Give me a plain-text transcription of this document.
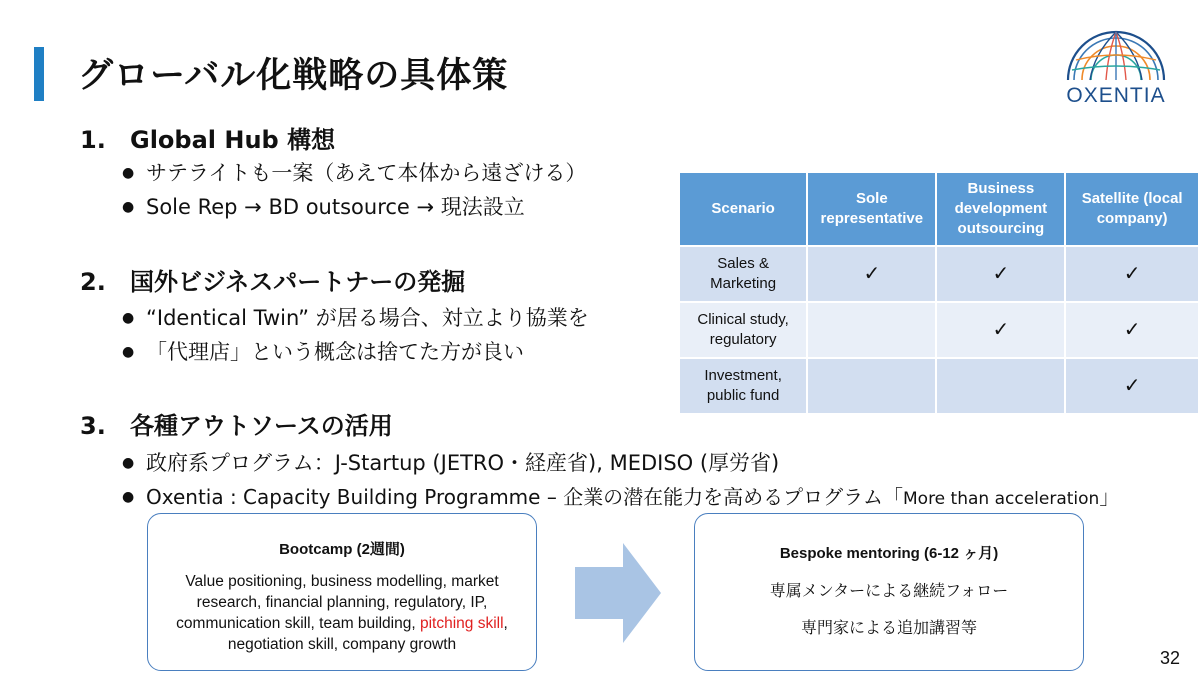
グローバル化戦略の具体策	OXENTIA
1. Global Hub 構想
● サテライトも一案（あえて本体から遠ざける）
● Sole Rep → BD outsource → 現法設立
2. 国外ビジネスパートナーの発掘
● “Identical Twin” が居る場合、対立より協業を
● 「代理店」という概念は捨てた方が良い
3. 各種アウトソースの活用
● 政府系プログラム：J-Startup (JETRO・経産省), MEDISO (厚労省)
● Oxentia : Capacity Building Programme – 企業の潜在能力を高めるプログラム「More than acceleration」
Scenario	Sole representative	Business development outsourcing	Satellite (local company)
Sales & Marketing	✓	✓	✓
Clinical study, regulatory		✓	✓
Investment, public fund			✓
Bootcamp (2週間)
Value positioning, business modelling, market research, financial planning, regulatory, IP, communication skill, team building, pitching skill, negotiation skill, company growth
Bespoke mentoring (6-12 ヶ月)
専属メンターによる継続フォロー
専門家による追加講習等
32
